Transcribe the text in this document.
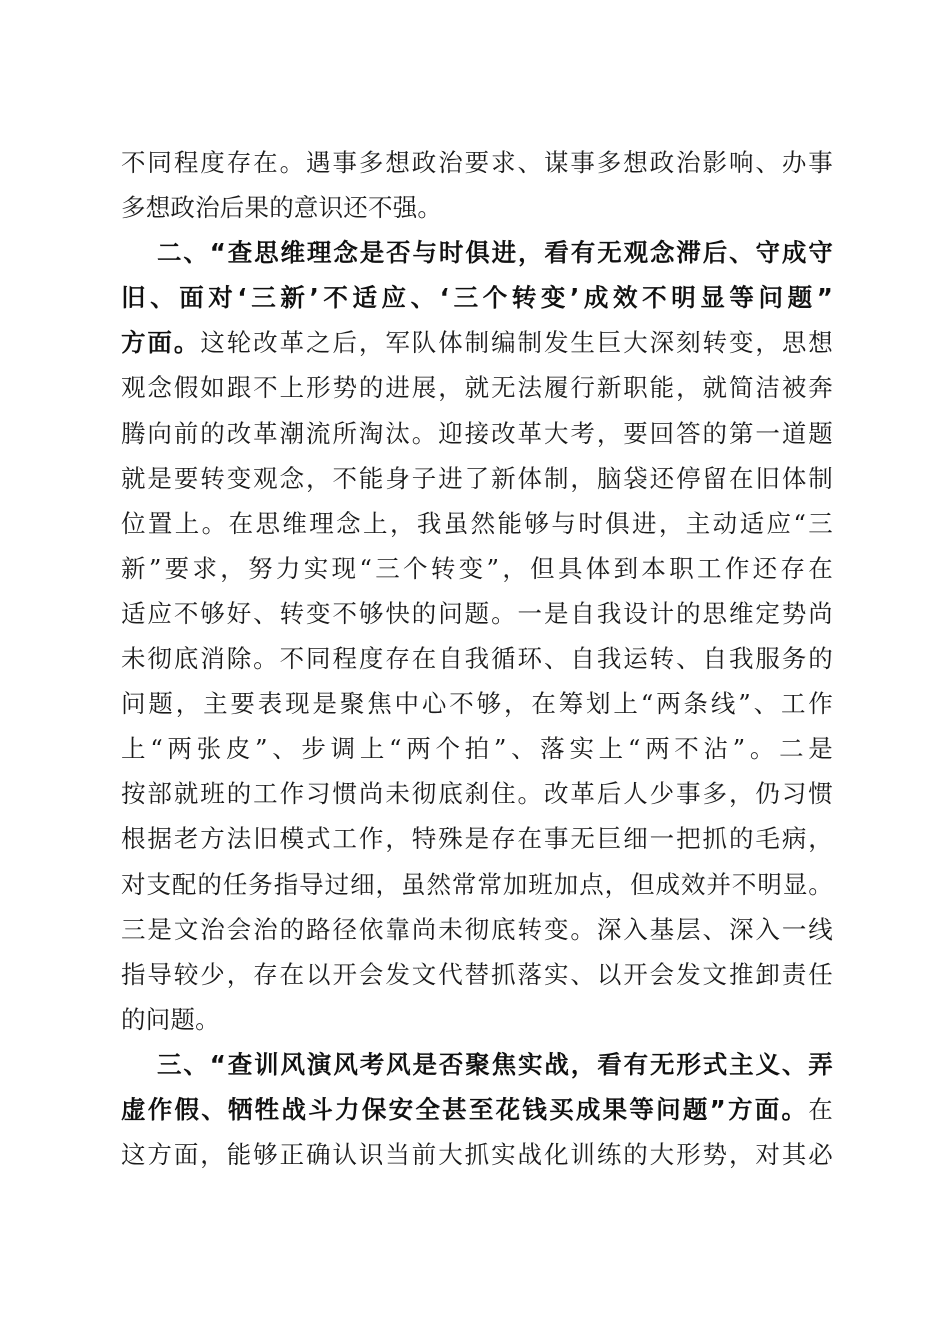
不同程度存在。遇事多想政治要求、谋事多想政治影响、办事
多想政治后果的意识还不强。
二、“查思维理念是否与时俱进，看有无观念滞后、守成守
旧、面对‘三新’不适应、‘三个转变’成效不明显等问题”
方面。这轮改革之后，军队体制编制发生巨大深刻转变，思想
观念假如跟不上形势的进展，就无法履行新职能，就简洁被奔
腾向前的改革潮流所淘汰。迎接改革大考，要回答的第一道题
就是要转变观念，不能身子进了新体制，脑袋还停留在旧体制
位置上。在思维理念上，我虽然能够与时俱进，主动适应“三
新”要求，努力实现“三个转变”，但具体到本职工作还存在
适应不够好、转变不够快的问题。一是自我设计的思维定势尚
未彻底消除。不同程度存在自我循环、自我运转、自我服务的
问题，主要表现是聚焦中心不够，在筹划上“两条线”、工作
上“两张皮”、步调上“两个拍”、落实上“两不沾”。二是
按部就班的工作习惯尚未彻底刹住。改革后人少事多，仍习惯
根据老方法旧模式工作，特殊是存在事无巨细一把抓的毛病，
对支配的任务指导过细，虽然常常加班加点，但成效并不明显。
三是文治会治的路径依靠尚未彻底转变。深入基层、深入一线
指导较少，存在以开会发文代替抓落实、以开会发文推卸责任
的问题。
三、“查训风演风考风是否聚焦实战，看有无形式主义、弄
虚作假、牺牲战斗力保安全甚至花钱买成果等问题”方面。在
这方面，能够正确认识当前大抓实战化训练的大形势，对其必
